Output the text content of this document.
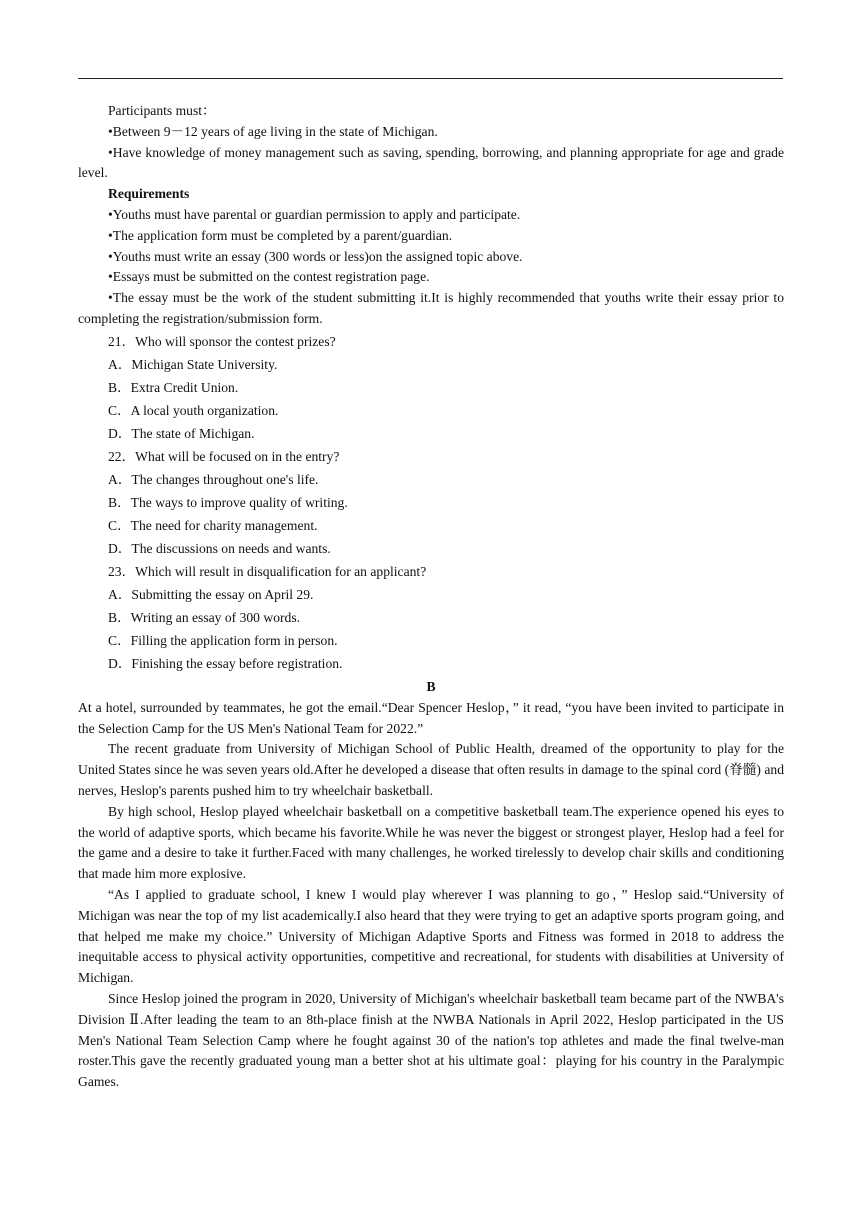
Participants must：

•Between 9－12 years of age living in the state of Michigan.

•Have knowledge of money management such as saving, spending, borrowing, and planning appropriate for age and grade level.

Requirements

•Youths must have parental or guardian permission to apply and participate.

•The application form must be completed by a parent/guardian.

•Youths must write an essay (300 words or less)on the assigned topic above.

•Essays must be submitted on the contest registration page.

•The essay must be the work of the student submitting it.It is highly recommended that youths write their essay prior to completing the registration/submission form.

21．Who will sponsor the contest prizes?

A．Michigan State University.

B．Extra Credit Union.

C．A local youth organization.

D．The state of Michigan.

22．What will be focused on in the entry?

A．The changes throughout one's life.

B．The ways to improve quality of writing.

C．The need for charity management.

D．The discussions on needs and wants.

23．Which will result in disqualification for an applicant?

A．Submitting the essay on April 29.

B．Writing an essay of 300 words.

C．Filling the application form in person.

D．Finishing the essay before registration.

B

At a hotel, surrounded by teammates, he got the email.“Dear Spencer Heslop，” it read, “you have been invited to participate in the Selection Camp for the US Men's National Team for 2022.”

The recent graduate from University of Michigan School of Public Health, dreamed of the opportunity to play for the United States since he was seven years old.After he developed a disease that often results in damage to the spinal cord (脊髓) and nerves, Heslop's parents pushed him to try wheelchair basketball.

By high school, Heslop played wheelchair basketball on a competitive basketball team.The experience opened his eyes to the world of adaptive sports, which became his favorite.While he was never the biggest or strongest player, Heslop had a feel for the game and a desire to take it further.Faced with many challenges, he worked tirelessly to develop chair skills and conditioning that made him more explosive.

“As I applied to graduate school, I knew I would play wherever I was planning to go，” Heslop said.“University of Michigan was near the top of my list academically.I also heard that they were trying to get an adaptive sports program going, and that helped me make my choice.” University of Michigan Adaptive Sports and Fitness was formed in 2018 to address the inequitable access to physical activity opportunities, competitive and recreational, for students with disabilities at University of Michigan.

Since Heslop joined the program in 2020, University of Michigan's wheelchair basketball team became part of the NWBA's Division Ⅱ.After leading the team to an 8th-place finish at the NWBA Nationals in April 2022, Heslop participated in the US Men's National Team Selection Camp where he fought against 30 of the nation's top athletes and made the final twelve-man roster.This gave the recently graduated young man a better shot at his ultimate goal：playing for his country in the Paralympic Games.
